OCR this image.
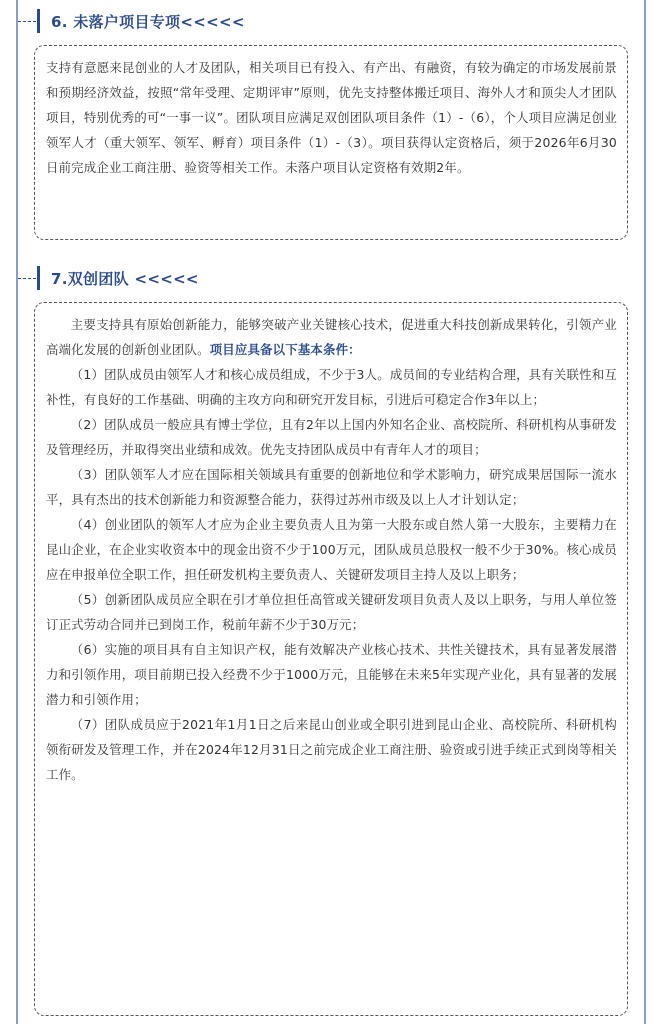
6. 未落户项目专项<<<<<

支持有意愿来昆创业的人才及团队，相关项目已有投入、有产出、有融资，有较为确定的市场发展前景和预期经济效益，按照“常年受理、定期评审”原则，优先支持整体搬迁项目、海外人才和顶尖人才团队项目，特别优秀的可“一事一议”。团队项目应满足双创团队项目条件（1）-（6），个人项目应满足创业领军人才（重大领军、领军、孵育）项目条件（1）-（3）。项目获得认定资格后，须于2026年6月30日前完成企业工商注册、验资等相关工作。未落户项目认定资格有效期2年。

7.双创团队 <<<<<

主要支持具有原始创新能力，能够突破产业关键核心技术，促进重大科技创新成果转化，引领产业高端化发展的创新创业团队。项目应具备以下基本条件：

（1）团队成员由领军人才和核心成员组成，不少于3人。成员间的专业结构合理，具有关联性和互补性，有良好的工作基础、明确的主攻方向和研究开发目标，引进后可稳定合作3年以上；

（2）团队成员一般应具有博士学位，且有2年以上国内外知名企业、高校院所、科研机构从事研发及管理经历，并取得突出业绩和成效。优先支持团队成员中有青年人才的项目；

（3）团队领军人才应在国际相关领域具有重要的创新地位和学术影响力，研究成果居国际一流水平，具有杰出的技术创新能力和资源整合能力，获得过苏州市级及以上人才计划认定；

（4）创业团队的领军人才应为企业主要负责人且为第一大股东或自然人第一大股东，主要精力在昆山企业，在企业实收资本中的现金出资不少于100万元，团队成员总股权一般不少于30%。核心成员应在申报单位全职工作，担任研发机构主要负责人、关键研发项目主持人及以上职务；

（5）创新团队成员应全职在引才单位担任高管或关键研发项目负责人及以上职务，与用人单位签订正式劳动合同并已到岗工作，税前年薪不少于30万元；

（6）实施的项目具有自主知识产权，能有效解决产业核心技术、共性关键技术，具有显著发展潜力和引领作用，项目前期已投入经费不少于1000万元，且能够在未来5年实现产业化，具有显著的发展潜力和引领作用；

（7）团队成员应于2021年1月1日之后来昆山创业或全职引进到昆山企业、高校院所、科研机构领衔研发及管理工作，并在2024年12月31日之前完成企业工商注册、验资或引进手续正式到岗等相关工作。
